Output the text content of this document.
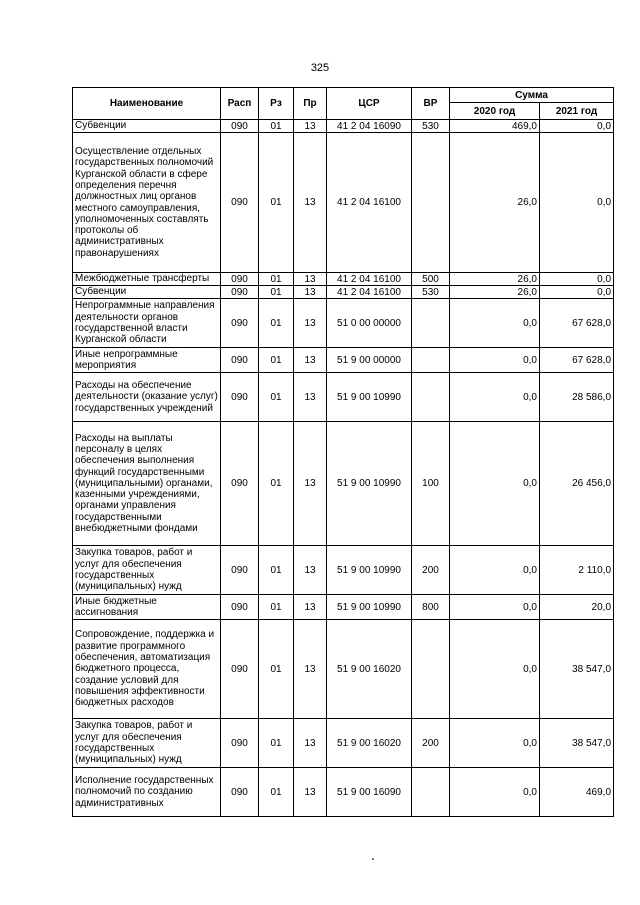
325
Наименование	Расп	Рз	Пр	ЦСР	ВР	Сумма	
						2020 год	2021 год
Субвенции	090	01	13	41 2 04 16090	530	469,0	0,0
Осуществление отдельных государственных полномочий Курганской области в сфере определения перечня должностных лиц органов местного самоуправления, уполномоченных составлять протоколы об административных правонарушениях	090	01	13	41 2 04 16100		26,0	0,0
Межбюджетные трансферты	090	01	13	41 2 04 16100	500	26,0	0,0
Субвенции	090	01	13	41 2 04 16100	530	26,0	0,0
Непрограммные направления деятельности органов государственной власти Курганской области	090	01	13	51 0 00 00000		0,0	67 628,0
Иные непрограммные мероприятия	090	01	13	51 9 00 00000		0,0	67 628,0
Расходы на обеспечение деятельности (оказание услуг) государственных учреждений	090	01	13	51 9 00 10990		0,0	28 586,0
Расходы на выплаты персоналу в целях обеспечения выполнения функций государственными (муниципальными) органами, казенными учреждениями, органами управления государственными внебюджетными фондами	090	01	13	51 9 00 10990	100	0,0	26 456,0
Закупка товаров, работ и услуг для обеспечения государственных (муниципальных) нужд	090	01	13	51 9 00 10990	200	0,0	2 110,0
Иные бюджетные ассигнования	090	01	13	51 9 00 10990	800	0,0	20,0
Сопровождение, поддержка и развитие программного обеспечения, автоматизация бюджетного процесса, создание условий для повышения эффективности бюджетных расходов	090	01	13	51 9 00 16020		0,0	38 547,0
Закупка товаров, работ и услуг для обеспечения государственных (муниципальных) нужд	090	01	13	51 9 00 16020	200	0,0	38 547,0
Исполнение государственных полномочий по созданию административных	090	01	13	51 9 00 16090		0,0	469,0
